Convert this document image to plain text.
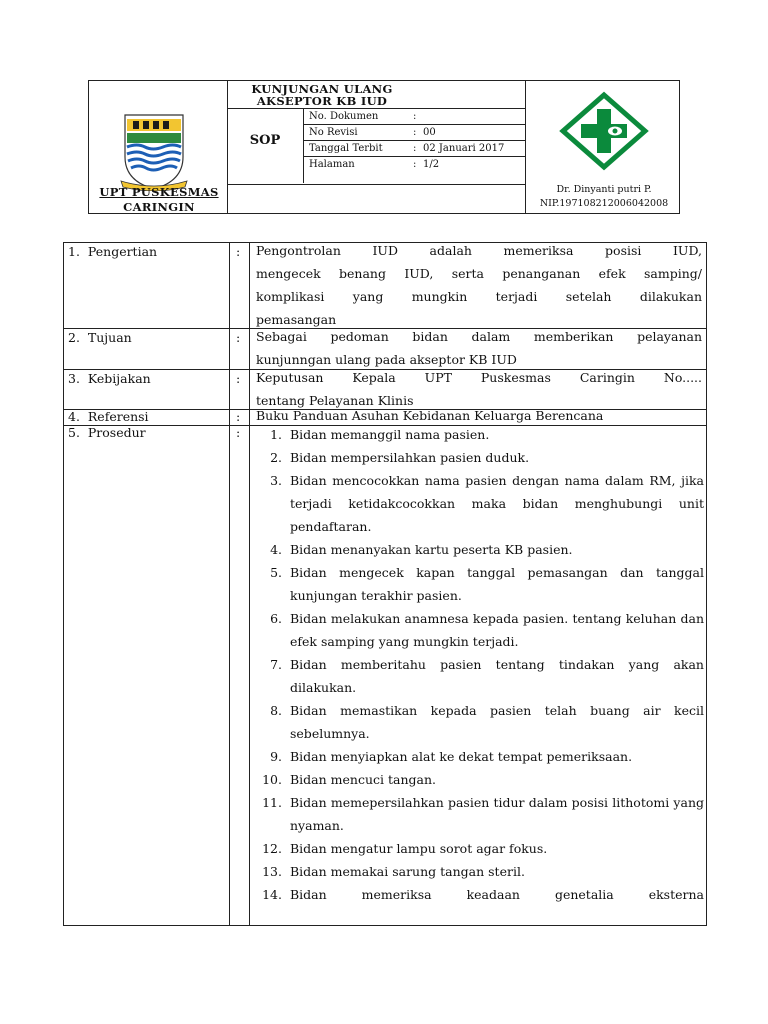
KUNJUNGAN ULANG AKSEPTOR KB IUD
SOP
No. Dokumen	:
No Revisi	: 00
Tanggal Terbit	: 02 Januari 2017
Halaman	: 1/2
UPT PUSKESMAS
CARINGIN
Dr. Dinyanti putri P.
NIP.197108212006042008
1. Pengertian	: Pengontrolan IUD adalah memeriksa posisi IUD,
mengecek benang IUD, serta penanganan efek samping/
komplikasi yang mungkin terjadi setelah dilakukan
pemasangan
2. Tujuan	: Sebagai pedoman bidan dalam memberikan pelayanan
kunjunngan ulang pada akseptor KB IUD
3. Kebijakan	: Keputusan Kepala UPT Puskesmas Caringin No.....
tentang Pelayanan Klinis
4. Referensi	: Buku Panduan Asuhan Kebidanan Keluarga Berencana
5. Prosedur	:	1. Bidan memanggil nama pasien.
2. Bidan mempersilahkan pasien duduk.
3. Bidan mencocokkan nama pasien dengan nama dalam RM, jika terjadi ketidakcocokkan maka bidan menghubungi unit pendaftaran.
4. Bidan menanyakan kartu peserta KB pasien.
5. Bidan mengecek kapan tanggal pemasangan dan tanggal kunjungan terakhir pasien.
6. Bidan melakukan anamnesa kepada pasien. tentang keluhan dan efek samping yang mungkin terjadi.
7. Bidan memberitahu pasien tentang tindakan yang akan dilakukan.
8. Bidan memastikan kepada pasien telah buang air kecil sebelumnya.
9. Bidan menyiapkan alat ke dekat tempat pemeriksaan.
10. Bidan mencuci tangan.
11. Bidan memepersilahkan pasien tidur dalam posisi lithotomi yang nyaman.
12. Bidan mengatur lampu sorot agar fokus.
13. Bidan memakai sarung tangan steril.
14. Bidan memeriksa keadaan genetalia eksterna
